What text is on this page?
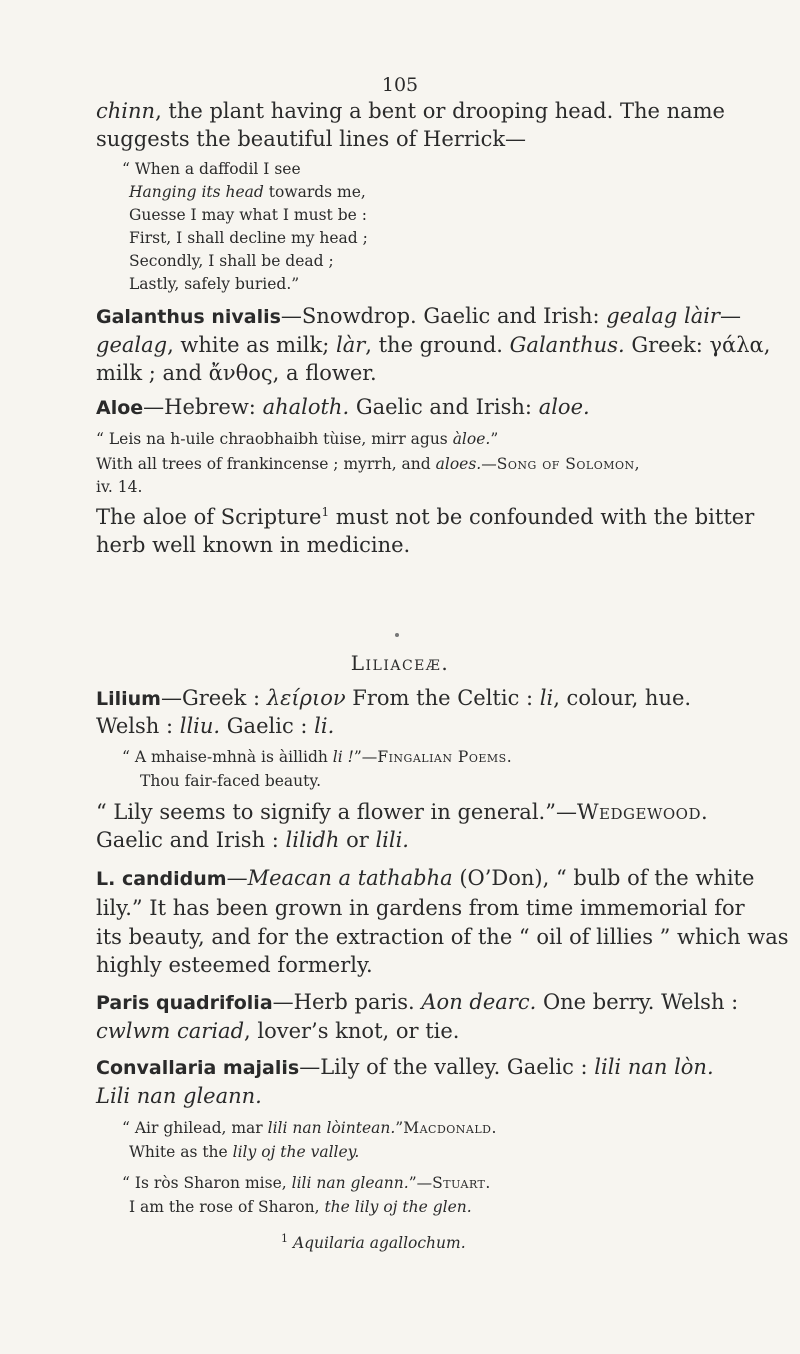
105
chinn, the plant having a bent or drooping head. The name
suggests the beautiful lines of Herrick—
“ When a daffodil I see
Hanging its head towards me,
Guesse I may what I must be :
First, I shall decline my head ;
Secondly, I shall be dead ;
Lastly, safely buried.”
Galanthus nivalis—Snowdrop. Gaelic and Irish: gealag làir—
gealag, white as milk; làr, the ground. Galanthus. Greek: γάλα,
milk ; and ἄνθος, a flower.
Aloe—Hebrew: ahaloth. Gaelic and Irish: aloe.
“ Leis na h-uile chraobhaibh tùise, mirr agus àloe.”
With all trees of frankincense ; myrrh, and aloes.—Song of Solomon,
iv. 14.
The aloe of Scripture$^1$ must not be confounded with the bitter
herb well known in medicine.
Liliaceæ.
Lilium—Greek : λείριον From the Celtic : li, colour, hue.
Welsh : lliu. Gaelic : li.
“ A mhaise-mhnà is àillidh li !”—Fingalian Poems.
Thou fair-faced beauty.
“ Lily seems to signify a flower in general.”—Wedgewood.
Gaelic and Irish : lilidh or lili.
L. candidum—Meacan a tathabha (O’Don), “ bulb of the white
lily.” It has been grown in gardens from time immemorial for
its beauty, and for the extraction of the “ oil of lillies ” which was
highly esteemed formerly.
Paris quadrifolia—Herb paris. Aon dearc. One berry. Welsh :
cwlwm cariad, lover’s knot, or tie.
Convallaria majalis—Lily of the valley. Gaelic : lili nan lòn.
Lili nan gleann.
“ Air ghilead, mar lili nan lòintean.”Macdonald.
White as the lily oj the valley.
“ Is ròs Sharon mise, lili nan gleann.”—Stuart.
I am the rose of Sharon, the lily oj the glen.
$^1$ Aquilaria agallochum.
